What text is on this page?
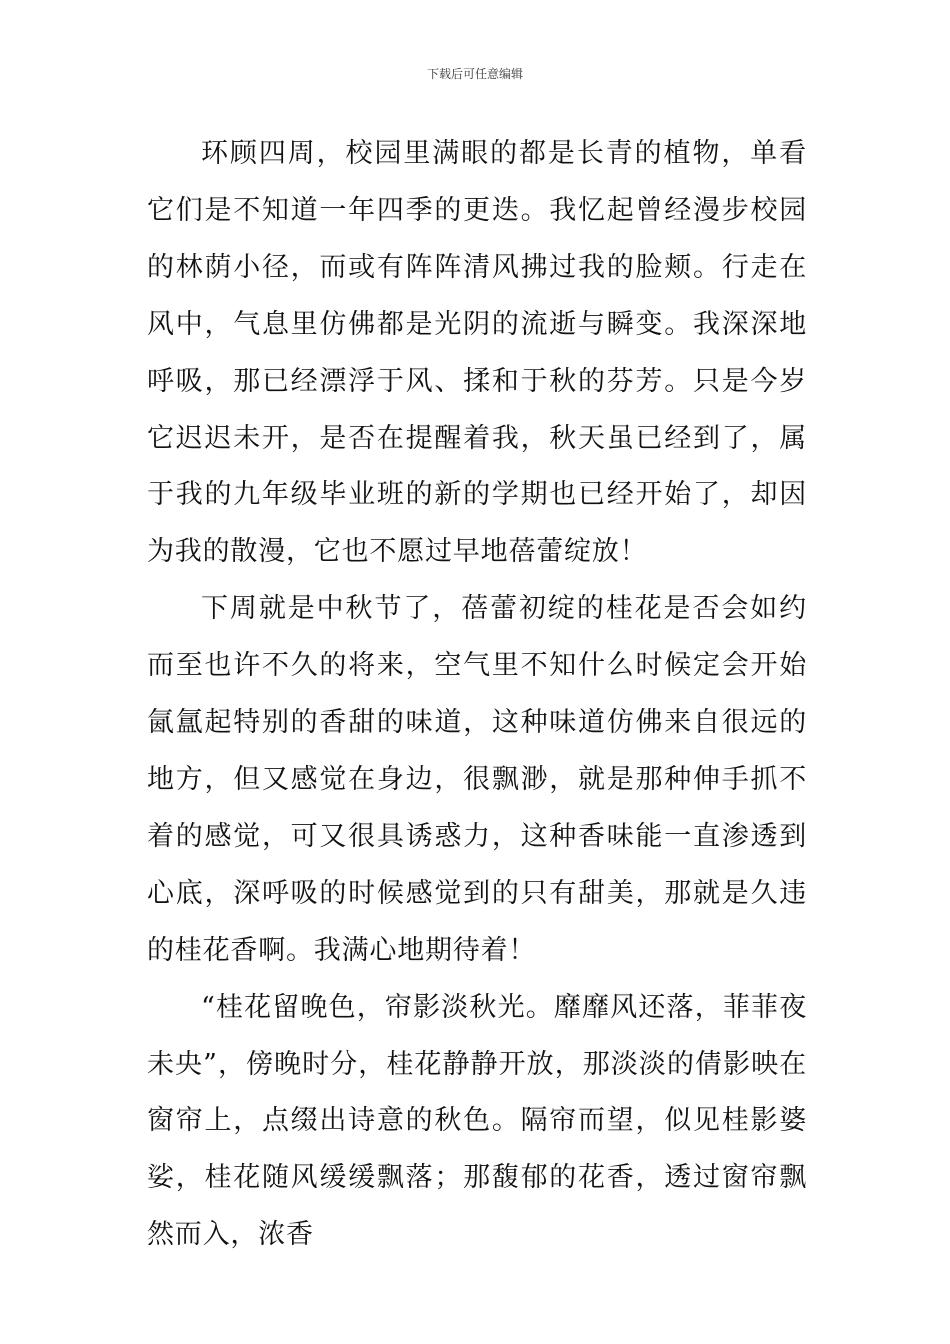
下载后可任意编辑

环顾四周，校园里满眼的都是长青的植物，单看它们是不知道一年四季的更迭。我忆起曾经漫步校园的林荫小径，而或有阵阵清风拂过我的脸颊。行走在风中，气息里仿佛都是光阴的流逝与瞬变。我深深地呼吸，那已经漂浮于风、揉和于秋的芬芳。只是今岁它迟迟未开，是否在提醒着我，秋天虽已经到了，属于我的九年级毕业班的新的学期也已经开始了，却因为我的散漫，它也不愿过早地蓓蕾绽放！

下周就是中秋节了，蓓蕾初绽的桂花是否会如约而至也许不久的将来，空气里不知什么时候定会开始氤氲起特别的香甜的味道，这种味道仿佛来自很远的地方，但又感觉在身边，很飘渺，就是那种伸手抓不着的感觉，可又很具诱惑力，这种香味能一直渗透到心底，深呼吸的时候感觉到的只有甜美，那就是久违的桂花香啊。我满心地期待着！

“桂花留晚色，帘影淡秋光。靡靡风还落，菲菲夜未央”，傍晚时分，桂花静静开放，那淡淡的倩影映在窗帘上，点缀出诗意的秋色。隔帘而望，似见桂影婆娑，桂花随风缓缓飘落；那馥郁的花香，透过窗帘飘然而入，浓香
